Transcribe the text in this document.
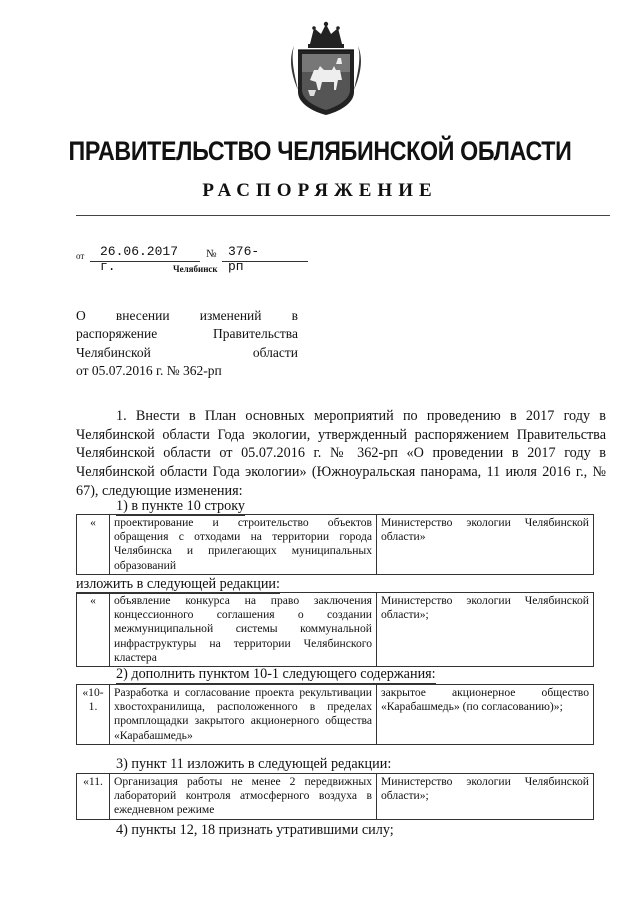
ПРАВИТЕЛЬСТВО ЧЕЛЯБИНСКОЙ ОБЛАСТИ
РАСПОРЯЖЕНИЕ
от 26.06.2017 г.
№ 376-рп
Челябинск
О внесении изменений в
распоряжение Правительства
Челябинской области
от 05.07.2016 г. № 362-рп
1. Внести в План основных мероприятий по проведению в 2017 году в Челябинской области Года экологии, утвержденный распоряжением Правительства Челябинской области от 05.07.2016 г. № 362-рп «О проведении в 2017 году в Челябинской области Года экологии» (Южноуральская панорама, 11 июля 2016 г., № 67), следующие изменения:
1) в пункте 10 строку
«	проектирование и строительство объектов обращения с отходами на территории города Челябинска и прилегающих муниципальных образований	Министерство экологии Челябинской области»
изложить в следующей редакции:
«	объявление конкурса на право заключения концессионного соглашения о создании межмуниципальной системы коммунальной инфраструктуры на территории Челябинского кластера	Министерство экологии Челябинской области»;
2) дополнить пунктом 10-1 следующего содержания:
«10-1.	Разработка и согласование проекта рекультивации хвостохранилища, расположенного в пределах промплощадки закрытого акционерного общества «Карабашмедь»	закрытое акционерное общество «Карабашмедь» (по согласованию)»;
3) пункт 11 изложить в следующей редакции:
«11.	Организация работы не менее 2 передвижных лабораторий контроля атмосферного воздуха в ежедневном режиме	Министерство экологии Челябинской области»;
4) пункты 12, 18 признать утратившими силу;
